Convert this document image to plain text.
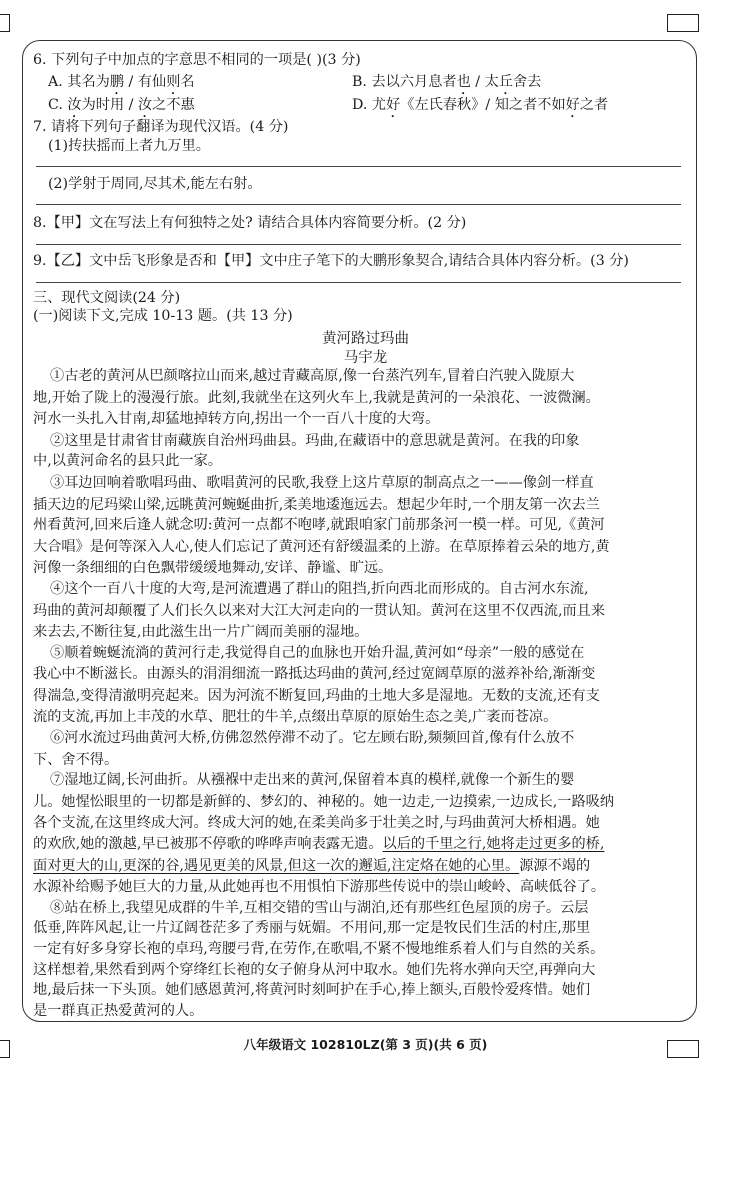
6. 下列句子中加点的字意思不相同的一项是( )(3 分)
A. 其名为鹏 / 有仙则名	B. 去以六月息者也 / 太丘舍去
C. 汝为时用 / 汝之不惠	D. 尤好《左氏春秋》/ 知之者不如好之者
7. 请将下列句子翻译为现代汉语。(4 分)
(1)抟扶摇而上者九万里。
(2)学射于周同,尽其术,能左右射。
8.【甲】文在写法上有何独特之处? 请结合具体内容简要分析。(2 分)
9.【乙】文中岳飞形象是否和【甲】文中庄子笔下的大鹏形象契合,请结合具体内容分析。(3 分)
三、现代文阅读(24 分)
(一)阅读下文,完成 10-13 题。(共 13 分)
黄河路过玛曲
马宇龙
①古老的黄河从巴颜喀拉山而来,越过青藏高原,像一台蒸汽列车,冒着白汽驶入陇原大
地,开始了陇上的漫漫行旅。此刻,我就坐在这列火车上,我就是黄河的一朵浪花、一波微澜。
河水一头扎入甘南,却猛地掉转方向,拐出一个一百八十度的大弯。
②这里是甘肃省甘南藏族自治州玛曲县。玛曲,在藏语中的意思就是黄河。在我的印象
中,以黄河命名的县只此一家。
③耳边回响着歌唱玛曲、歌唱黄河的民歌,我登上这片草原的制高点之一——像剑一样直
插天边的尼玛梁山梁,远眺黄河蜿蜒曲折,柔美地逶迤远去。想起少年时,一个朋友第一次去兰
州看黄河,回来后逢人就念叨:黄河一点都不咆哮,就跟咱家门前那条河一模一样。可见,《黄河
大合唱》是何等深入人心,使人们忘记了黄河还有舒缓温柔的上游。在草原捧着云朵的地方,黄
河像一条细细的白色飘带缓缓地舞动,安详、静谧、旷远。
④这个一百八十度的大弯,是河流遭遇了群山的阻挡,折向西北而形成的。自古河水东流,
玛曲的黄河却颠覆了人们长久以来对大江大河走向的一贯认知。黄河在这里不仅西流,而且来
来去去,不断往复,由此滋生出一片广阔而美丽的湿地。
⑤顺着蜿蜒流淌的黄河行走,我觉得自己的血脉也开始升温,黄河如“母亲”一般的感觉在
我心中不断滋长。由源头的涓涓细流一路抵达玛曲的黄河,经过宽阔草原的滋养补给,渐渐变
得湍急,变得清澈明亮起来。因为河流不断复回,玛曲的土地大多是湿地。无数的支流,还有支
流的支流,再加上丰茂的水草、肥壮的牛羊,点缀出草原的原始生态之美,广袤而苍凉。
⑥河水流过玛曲黄河大桥,仿佛忽然停滞不动了。它左顾右盼,频频回首,像有什么放不
下、舍不得。
⑦湿地辽阔,长河曲折。从襁褓中走出来的黄河,保留着本真的模样,就像一个新生的婴
儿。她惺忪眼里的一切都是新鲜的、梦幻的、神秘的。她一边走,一边摸索,一边成长,一路吸纳
各个支流,在这里终成大河。终成大河的她,在柔美尚多于壮美之时,与玛曲黄河大桥相遇。她
的欢欣,她的激越,早已被那不停歌的哗哗声响表露无遗。以后的千里之行,她将走过更多的桥,
面对更大的山,更深的谷,遇见更美的风景,但这一次的邂逅,注定烙在她的心里。源源不竭的
水源补给赐予她巨大的力量,从此她再也不用惧怕下游那些传说中的崇山峻岭、高峡低谷了。
⑧站在桥上,我望见成群的牛羊,互相交错的雪山与湖泊,还有那些红色屋顶的房子。云层
低垂,阵阵风起,让一片辽阔苍茫多了秀丽与妩媚。不用问,那一定是牧民们生活的村庄,那里
一定有好多身穿长袍的卓玛,弯腰弓背,在劳作,在歌唱,不紧不慢地维系着人们与自然的关系。
这样想着,果然看到两个穿绛红长袍的女子俯身从河中取水。她们先将水弹向天空,再弹向大
地,最后抹一下头顶。她们感恩黄河,将黄河时刻呵护在手心,捧上额头,百般怜爱疼惜。她们
是一群真正热爱黄河的人。
八年级语文 102810LZ(第 3 页)(共 6 页)
